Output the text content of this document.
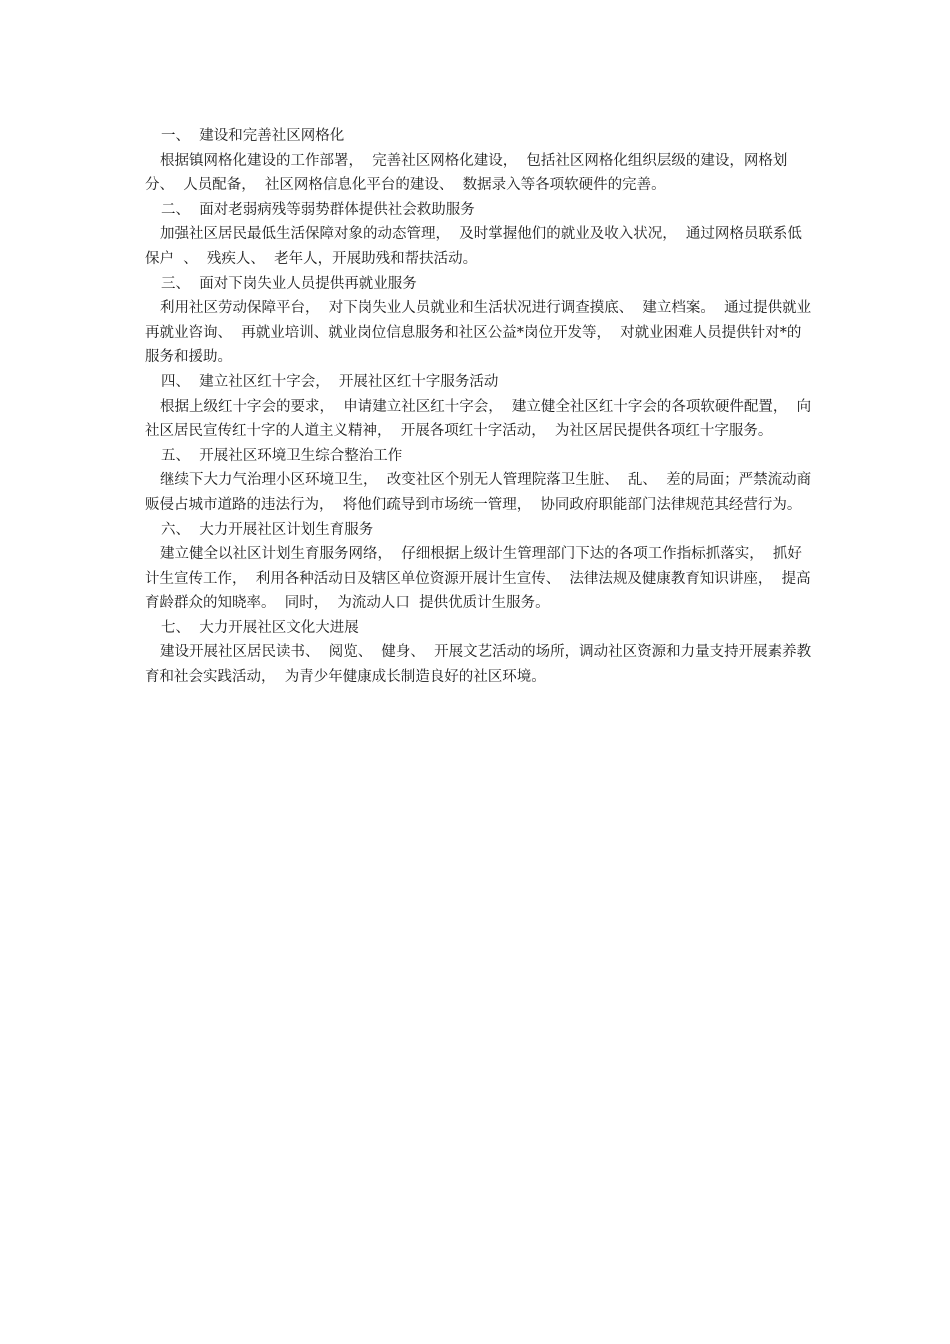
一、  建设和完善社区网格化

根据镇网格化建设的工作部署，  完善社区网格化建设，  包括社区网格化组织层级的建设，网格划分、  人员配备，  社区网格信息化平台的建设、  数据录入等各项软硬件的完善。

二、  面对老弱病残等弱势群体提供社会救助服务

加强社区居民最低生活保障对象的动态管理，  及时掌握他们的就业及收入状况，  通过网格员联系低保户  、  残疾人、  老年人，开展助残和帮扶活动。

三、  面对下岗失业人员提供再就业服务

利用社区劳动保障平台，  对下岗失业人员就业和生活状况进行调查摸底、  建立档案。  通过提供就业再就业咨询、  再就业培训、就业岗位信息服务和社区公益*岗位开发等，  对就业困难人员提供针对*的服务和援助。

四、  建立社区红十字会，  开展社区红十字服务活动

根据上级红十字会的要求，  申请建立社区红十字会，  建立健全社区红十字会的各项软硬件配置，  向社区居民宣传红十字的人道主义精神，  开展各项红十字活动，  为社区居民提供各项红十字服务。

五、  开展社区环境卫生综合整治工作

继续下大力气治理小区环境卫生，  改变社区个别无人管理院落卫生脏、  乱、  差的局面；严禁流动商贩侵占城市道路的违法行为，  将他们疏导到市场统一管理，  协同政府职能部门法律规范其经营行为。

六、  大力开展社区计划生育服务

建立健全以社区计划生育服务网络，  仔细根据上级计生管理部门下达的各项工作指标抓落实，  抓好计生宣传工作，  利用各种活动日及辖区单位资源开展计生宣传、  法律法规及健康教育知识讲座，  提高育龄群众的知晓率。  同时，  为流动人口  提供优质计生服务。

七、  大力开展社区文化大进展

建设开展社区居民读书、  阅览、  健身、  开展文艺活动的场所，调动社区资源和力量支持开展素养教育和社会实践活动，  为青少年健康成长制造良好的社区环境。
